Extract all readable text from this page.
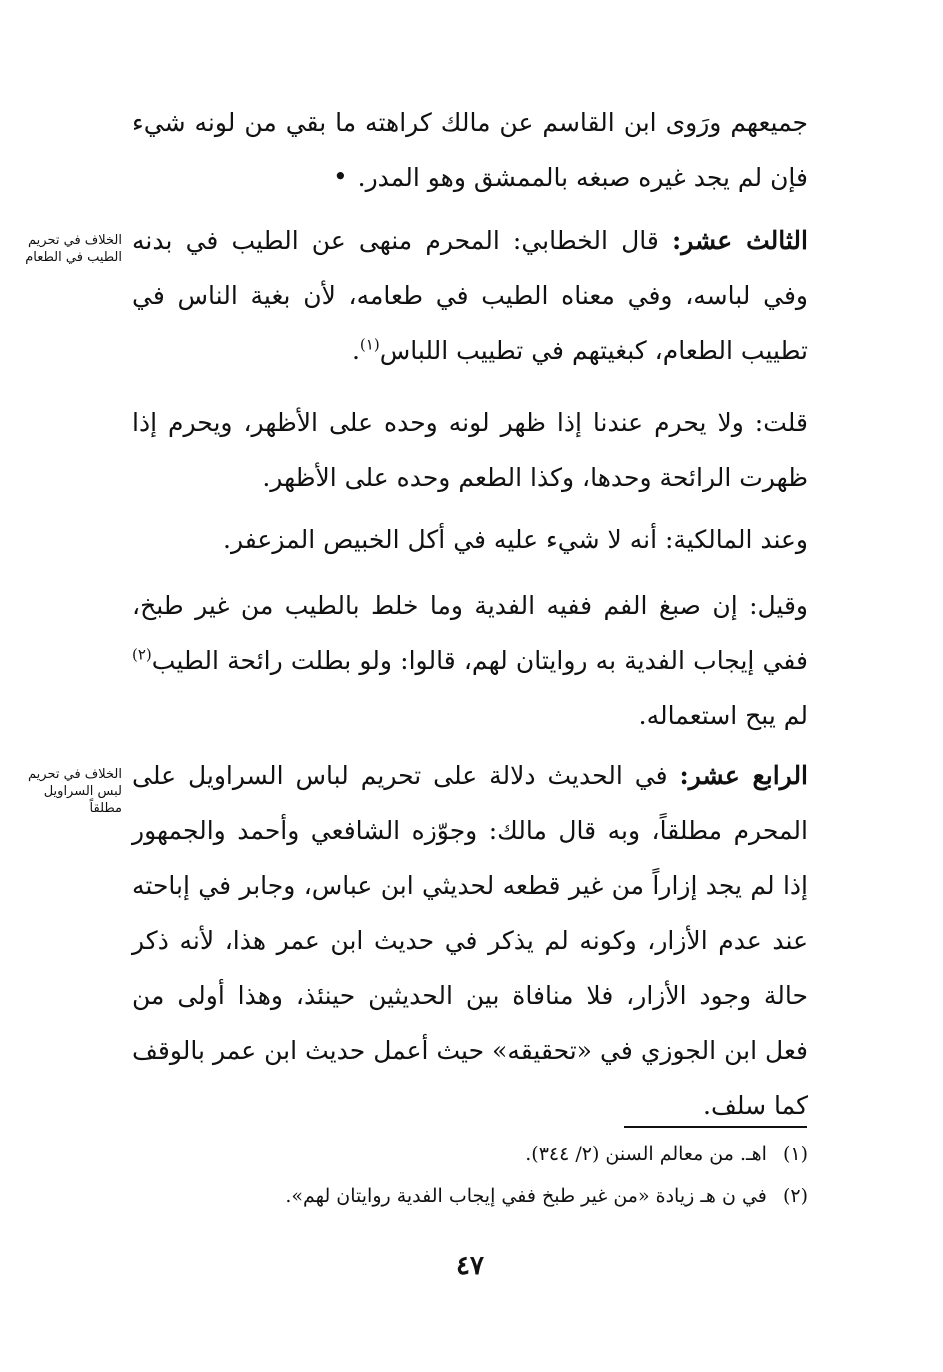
جميعهم ورَوى ابن القاسم عن مالك كراهته ما بقي من لونه شيء فإن لم يجد غيره صبغه بالممشق وهو المدر.
•
الثالث عشر: قال الخطابي: المحرم منهى عن الطيب في بدنه وفي لباسه، وفي معناه الطيب في طعامه، لأن بغية الناس في تطييب الطعام، كبغيتهم في تطييب اللباس$^{(١)}$.
الخلاف في تحريم الطيب في الطعام
قلت: ولا يحرم عندنا إذا ظهر لونه وحده على الأظهر، ويحرم إذا ظهرت الرائحة وحدها، وكذا الطعم وحده على الأظهر.
وعند المالكية: أنه لا شيء عليه في أكل الخبيص المزعفر.
وقيل: إن صبغ الفم ففيه الفدية وما خلط بالطيب من غير طبخ، ففي إيجاب الفدية به روايتان لهم، قالوا: ولو بطلت رائحة الطيب$^{(٢)}$ لم يبح استعماله.
الرابع عشر: في الحديث دلالة على تحريم لباس السراويل على المحرم مطلقاً، وبه قال مالك: وجوّزه الشافعي وأحمد والجمهور إذا لم يجد إزاراً من غير قطعه لحديثي ابن عباس، وجابر في إباحته عند عدم الأزار، وكونه لم يذكر في حديث ابن عمر هذا، لأنه ذكر حالة وجود الأزار، فلا منافاة بين الحديثين حينئذ، وهذا أولى من فعل ابن الجوزي في «تحقيقه» حيث أعمل حديث ابن عمر بالوقف كما سلف.
الخلاف في تحريم لبس السراويل مطلقاً
(١) اهـ. من معالم السنن (٢/ ٣٤٤).
(٢) في ن هـ زيادة «من غير طبخ ففي إيجاب الفدية روايتان لهم».
٤٧
